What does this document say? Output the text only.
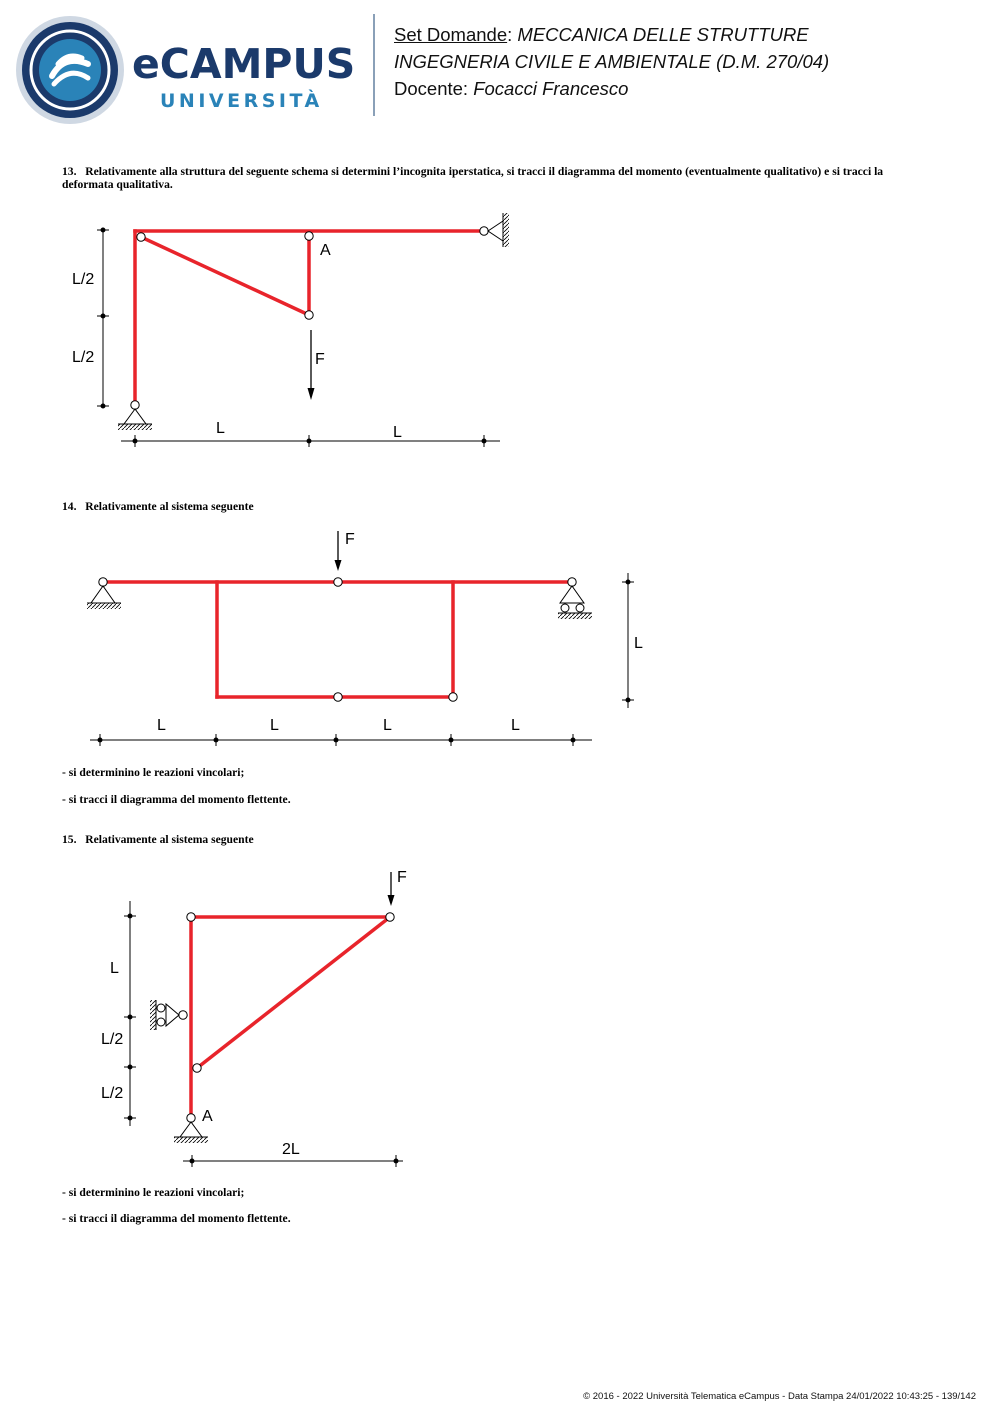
eCAMPUS
UNIVERSITÀ
Set Domande: MECCANICA DELLE STRUTTURE
INGEGNERIA CIVILE E AMBIENTALE (D.M. 270/04)
Docente: Focacci Francesco
13. Relativamente alla struttura del seguente schema si determini l’incognita iperstatica, si tracci il diagramma del momento (eventualmente qualitativo) e si tracci la deformata qualitativa.
14. Relativamente al sistema seguente
- si determinino le reazioni vincolari;
- si tracci il diagramma del momento flettente.
15. Relativamente al sistema seguente
- si determinino le reazioni vincolari;
- si tracci il diagramma del momento flettente.
L/2
L/2
L	L
A
F
F
L
L	L	L	L
L
L/2
L/2
F
A
2L
© 2016 - 2022 Università Telematica eCampus - Data Stampa 24/01/2022 10:43:25 - 139/142
